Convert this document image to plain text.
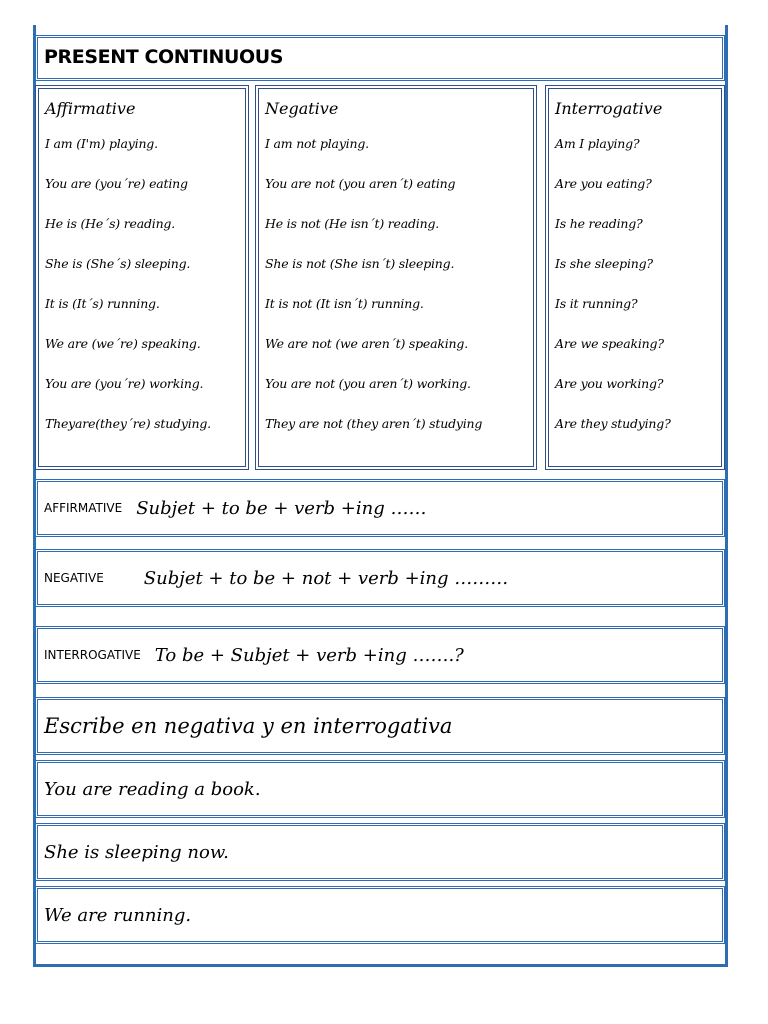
PRESENT CONTINUOUS
Affirmative
I am (I'm) playing.
You are (you´re) eating
He is (He´s) reading.
She is (She´s) sleeping.
It is (It´s) running.
We are (we´re) speaking.
You are (you´re) working.
Theyare(they´re) studying.
Negative
I am not playing.
You are not (you aren´t) eating
He is not (He isn´t) reading.
She is not (She isn´t) sleeping.
It is not (It isn´t) running.
We are not (we aren´t) speaking.
You are not (you aren´t) working.
They are not (they aren´t) studying
Interrogative
Am I playing?
Are you eating?
Is he reading?
Is she sleeping?
Is it running?
Are we speaking?
Are you working?
Are they studying?
AFFIRMATIVE Subjet + to be + verb +ing ……
NEGATIVE Subjet + to be + not + verb +ing ………
INTERROGATIVE To be + Subjet + verb +ing …….?
Escribe en negativa y en interrogativa
You are reading a book.
She is sleeping now.
We are running.
